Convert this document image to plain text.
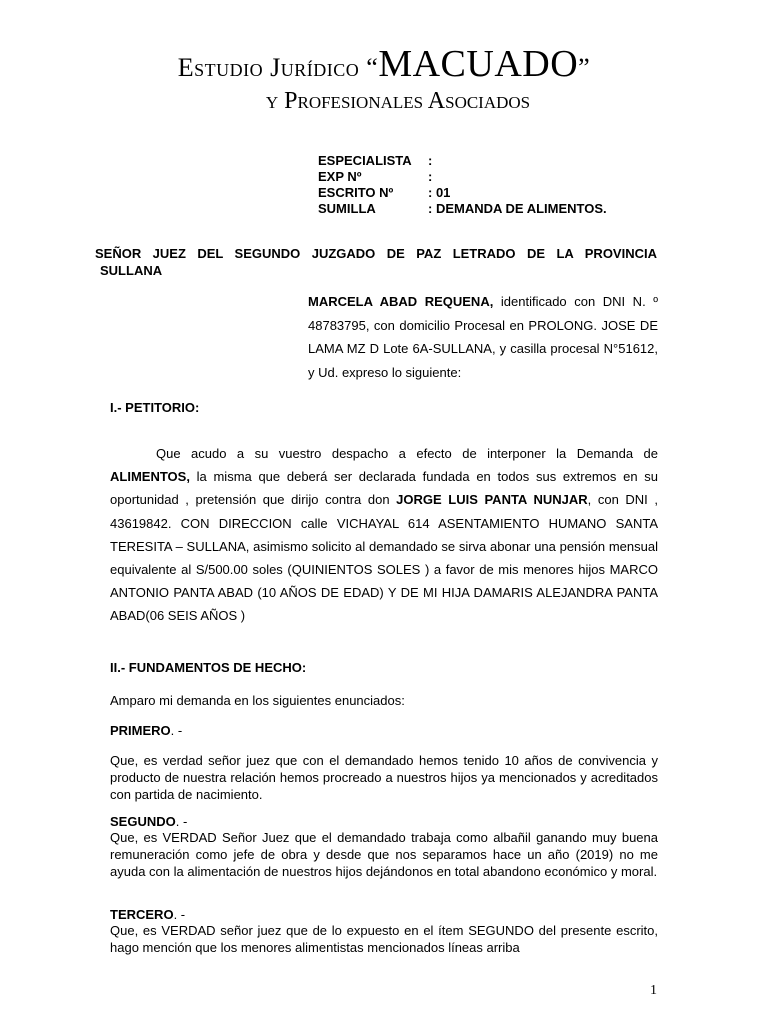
Estudio Jurídico “MACUADO”
y Profesionales Asociados
ESPECIALISTA	:
EXP Nº	:
ESCRITO Nº	: 01
SUMILLA	: DEMANDA DE ALIMENTOS.
SEÑOR JUEZ DEL SEGUNDO JUZGADO DE PAZ LETRADO DE LA PROVINCIA
SULLANA
MARCELA ABAD REQUENA, identificado con DNI N. º 48783795, con domicilio Procesal en PROLONG. JOSE DE LAMA MZ D Lote 6A-SULLANA, y casilla procesal N°51612, y Ud. expreso lo siguiente:
I.- PETITORIO:
Que acudo a su vuestro despacho a efecto de interponer la Demanda de ALIMENTOS, la misma que deberá ser declarada fundada en todos sus extremos en su oportunidad , pretensión que dirijo contra don JORGE LUIS PANTA NUNJAR, con DNI , 43619842. CON DIRECCION calle VICHAYAL 614 ASENTAMIENTO HUMANO SANTA TERESITA – SULLANA, asimismo solicito al demandado se sirva abonar una pensión mensual equivalente al S/500.00 soles (QUINIENTOS SOLES ) a favor de mis menores hijos MARCO ANTONIO PANTA ABAD (10 AÑOS DE EDAD) Y DE MI HIJA DAMARIS ALEJANDRA PANTA ABAD(06 SEIS AÑOS )
II.- FUNDAMENTOS DE HECHO:
Amparo mi demanda en los siguientes enunciados:
PRIMERO. -
Que, es verdad señor juez que con el demandado hemos tenido 10 años de convivencia y producto de nuestra relación hemos procreado a nuestros hijos ya mencionados y acreditados con partida de nacimiento.
SEGUNDO. -
Que, es VERDAD Señor Juez que el demandado trabaja como albañil ganando muy buena remuneración como jefe de obra y desde que nos separamos hace un año (2019) no me ayuda con la alimentación de nuestros hijos dejándonos en total abandono económico y moral.
TERCERO. -
Que, es VERDAD señor juez que de lo expuesto en el ítem SEGUNDO del presente escrito, hago mención que los menores alimentistas mencionados líneas arriba
1
